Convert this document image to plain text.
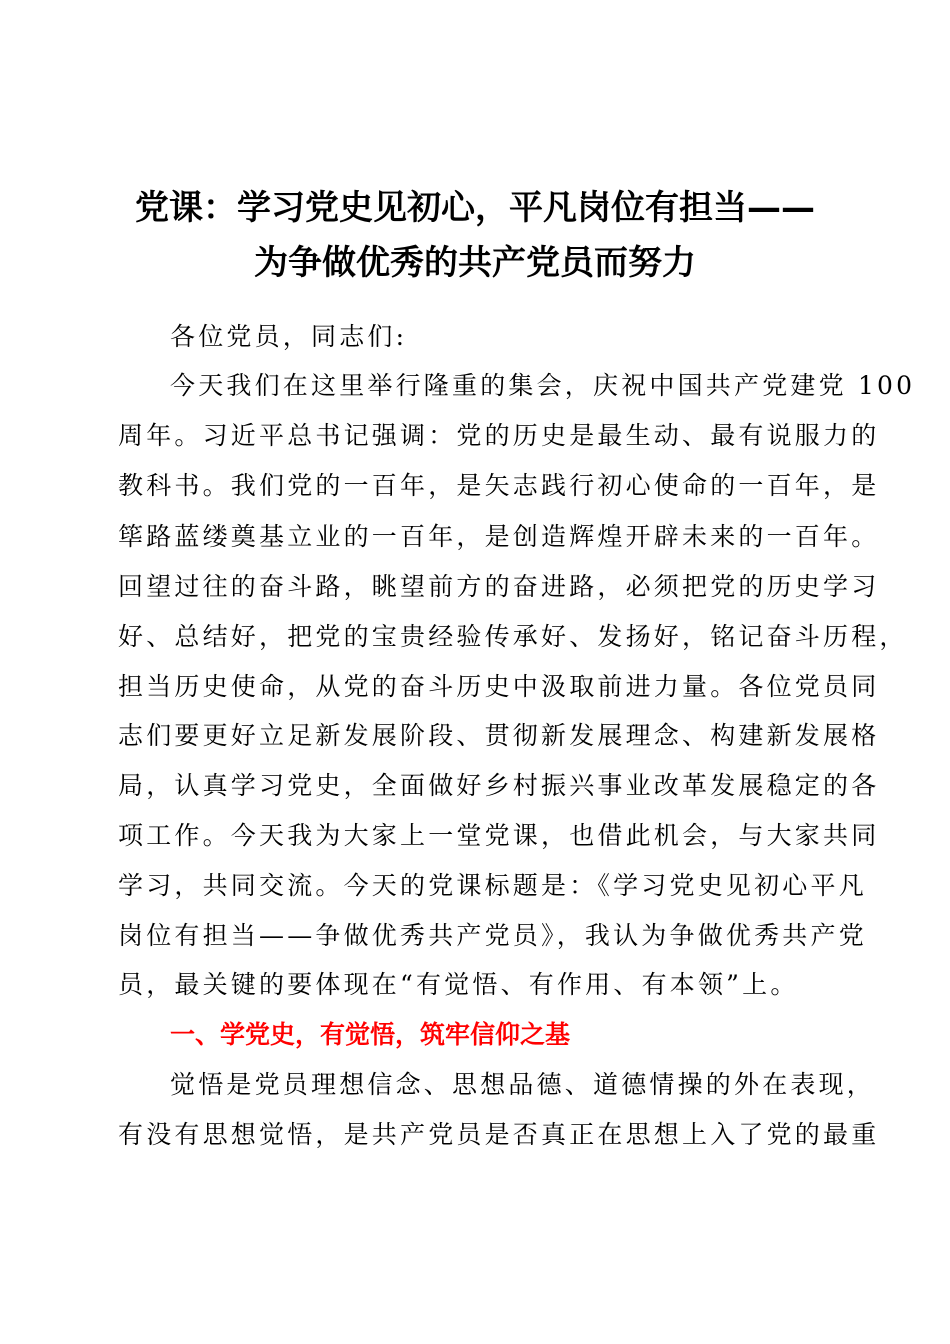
党课：学习党史见初心，平凡岗位有担当——
为争做优秀的共产党员而努力

各位党员，同志们:

今天我们在这里举行隆重的集会，庆祝中国共产党建党 100

周年。习近平总书记强调：党的历史是最生动、最有说服力的

教科书。我们党的一百年，是矢志践行初心使命的一百年，是

筚路蓝缕奠基立业的一百年，是创造辉煌开辟未来的一百年。

回望过往的奋斗路，眺望前方的奋进路，必须把党的历史学习

好、总结好，把党的宝贵经验传承好、发扬好，铭记奋斗历程，

担当历史使命，从党的奋斗历史中汲取前进力量。各位党员同

志们要更好立足新发展阶段、贯彻新发展理念、构建新发展格

局，认真学习党史，全面做好乡村振兴事业改革发展稳定的各

项工作。今天我为大家上一堂党课，也借此机会，与大家共同

学习，共同交流。今天的党课标题是：《学习党史见初心平凡

岗位有担当——争做优秀共产党员》，我认为争做优秀共产党

员，最关键的要体现在“有觉悟、有作用、有本领”上。

一、学党史，有觉悟，筑牢信仰之基

觉悟是党员理想信念、思想品德、道德情操的外在表现，

有没有思想觉悟，是共产党员是否真正在思想上入了党的最重
